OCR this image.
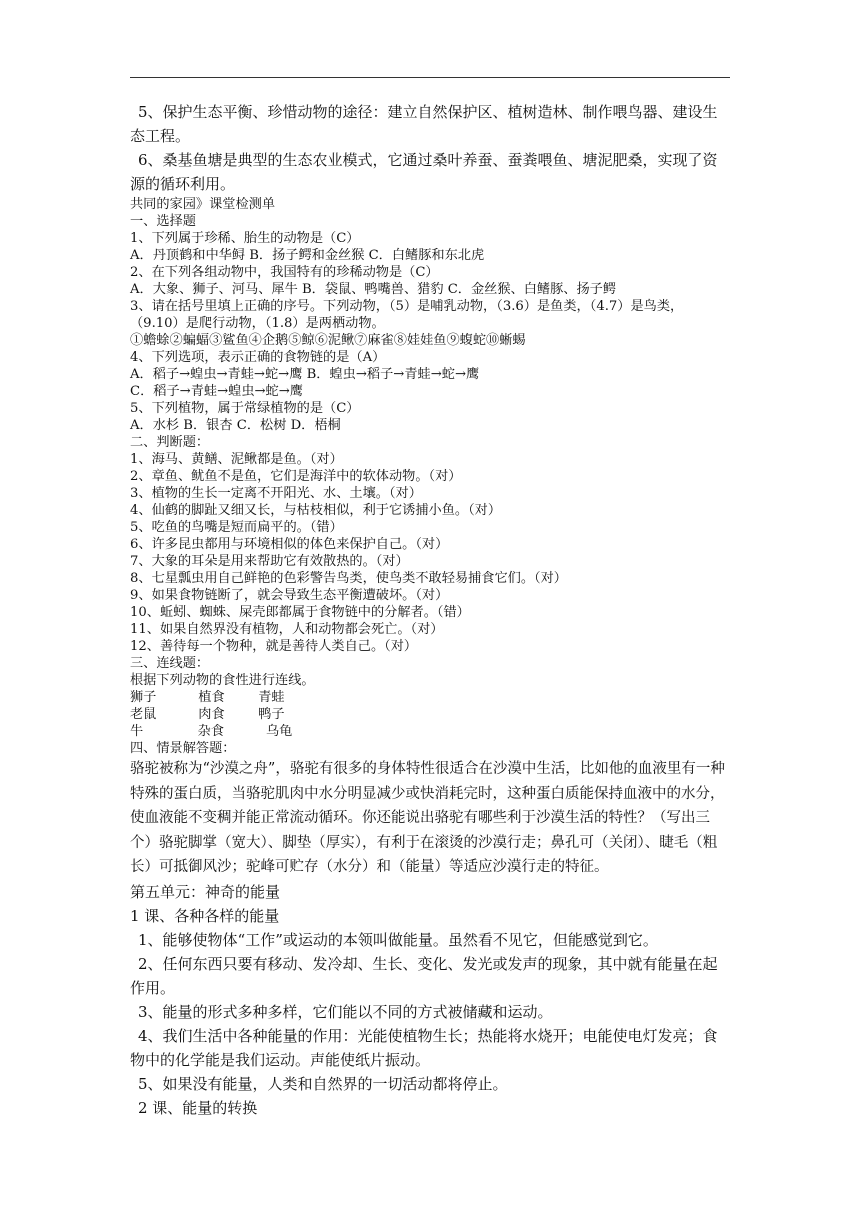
5、保护生态平衡、珍惜动物的途径：建立自然保护区、植树造林、制作喂鸟器、建设生态工程。

6、桑基鱼塘是典型的生态农业模式，它通过桑叶养蚕、蚕粪喂鱼、塘泥肥桑，实现了资源的循环利用。

共同的家园》课堂检测单

一、选择题

1、下列属于珍稀、胎生的动物是（C）

A．丹顶鹤和中华鲟 B．扬子鳄和金丝猴 C．白鳍豚和东北虎

2、在下列各组动物中，我国特有的珍稀动物是（C）

A．大象、狮子、河马、犀牛 B．袋鼠、鸭嘴兽、猎豹 C．金丝猴、白鳍豚、扬子鳄

3、请在括号里填上正确的序号。下列动物，（5）是哺乳动物，（3.6）是鱼类，（4.7）是鸟类，

（9.10）是爬行动物，（1.8）是两栖动物。

①蟾蜍②蝙蝠③鲨鱼④企鹅⑤鲸⑥泥鳅⑦麻雀⑧娃娃鱼⑨蝮蛇⑩蜥蜴

4、下列选项，表示正确的食物链的是（A）

A．稻子→蝗虫→青蛙→蛇→鹰 B．蝗虫→稻子→青蛙→蛇→鹰

C．稻子→青蛙→蝗虫→蛇→鹰

5、下列植物，属于常绿植物的是（C）

A．水杉 B．银杏 C．松树 D．梧桐

二、判断题：

1、海马、黄鳝、泥鳅都是鱼。（对）

2、章鱼、鱿鱼不是鱼，它们是海洋中的软体动物。（对）

3、植物的生长一定离不开阳光、水、土壤。（对）

4、仙鹤的脚趾又细又长，与枯枝相似，利于它诱捕小鱼。（对）

5、吃鱼的鸟嘴是短而扁平的。（错）

6、许多昆虫都用与环境相似的体色来保护自己。（对）

7、大象的耳朵是用来帮助它有效散热的。（对）

8、七星瓢虫用自己鲜艳的色彩警告鸟类，使鸟类不敢轻易捕食它们。（对）

9、如果食物链断了，就会导致生态平衡遭破坏。（对）

10、蚯蚓、蜘蛛、屎壳郎都属于食物链中的分解者。（错）

11、如果自然界没有植物，人和动物都会死亡。（对）

12、善待每一个物种，就是善待人类自己。（对）

三、连线题：

根据下列动物的食性进行连线。

狮子          植食        青蛙

老鼠          肉食        鸭子

牛             杂食          乌龟

四、情景解答题：

骆驼被称为“沙漠之舟”，骆驼有很多的身体特性很适合在沙漠中生活，比如他的血液里有一种特殊的蛋白质，当骆驼肌肉中水分明显减少或快消耗完时，这种蛋白质能保持血液中的水分，使血液能不变稠并能正常流动循环。你还能说出骆驼有哪些利于沙漠生活的特性？（写出三个）骆驼脚掌（宽大）、脚垫（厚实），有利于在滚烫的沙漠行走；鼻孔可（关闭）、睫毛（粗长）可抵御风沙；驼峰可贮存（水分）和（能量）等适应沙漠行走的特征。

第五单元：神奇的能量

1 课、各种各样的能量

1、能够使物体“工作”或运动的本领叫做能量。虽然看不见它，但能感觉到它。

2、任何东西只要有移动、发冷却、生长、变化、发光或发声的现象，其中就有能量在起作用。

3、能量的形式多种多样，它们能以不同的方式被储藏和运动。

4、我们生活中各种能量的作用：光能使植物生长；热能将水烧开；电能使电灯发亮；食物中的化学能是我们运动。声能使纸片振动。

5、如果没有能量，人类和自然界的一切活动都将停止。

2 课、能量的转换
